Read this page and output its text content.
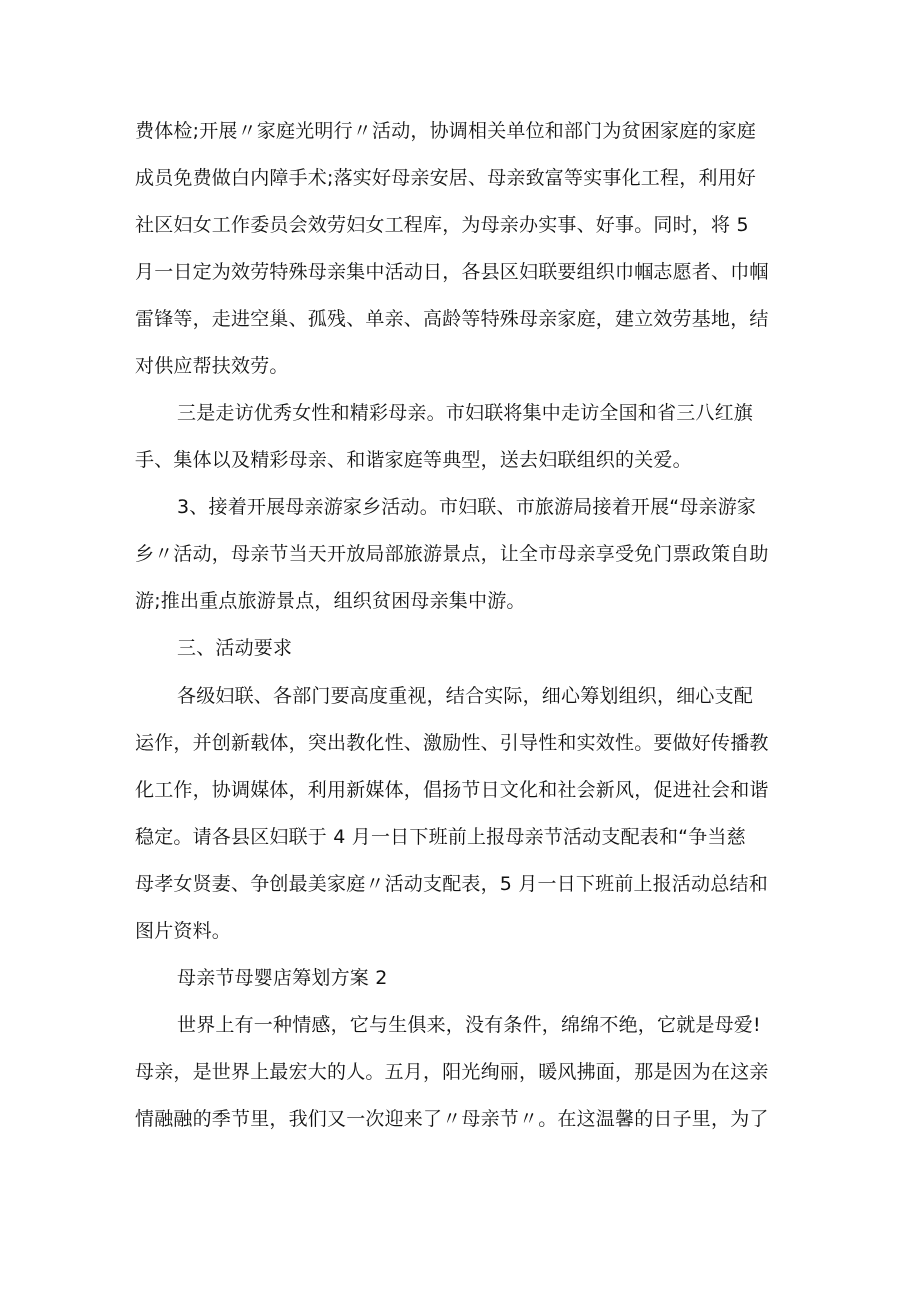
费体检;开展〃家庭光明行〃活动，协调相关单位和部门为贫困家庭的家庭
成员免费做白内障手术;落实好母亲安居、母亲致富等实事化工程，利用好
社区妇女工作委员会效劳妇女工程库，为母亲办实事、好事。同时，将 5
月一日定为效劳特殊母亲集中活动日，各县区妇联要组织巾帼志愿者、巾帼
雷锋等，走进空巢、孤残、单亲、高龄等特殊母亲家庭，建立效劳基地，结
对供应帮扶效劳。
三是走访优秀女性和精彩母亲。市妇联将集中走访全国和省三八红旗
手、集体以及精彩母亲、和谐家庭等典型，送去妇联组织的关爱。
3、接着开展母亲游家乡活动。市妇联、市旅游局接着开展“母亲游家
乡〃活动，母亲节当天开放局部旅游景点，让全市母亲享受免门票政策自助
游;推出重点旅游景点，组织贫困母亲集中游。
三、活动要求
各级妇联、各部门要高度重视，结合实际，细心筹划组织，细心支配
运作，并创新载体，突出教化性、激励性、引导性和实效性。要做好传播教
化工作，协调媒体，利用新媒体，倡扬节日文化和社会新风，促进社会和谐
稳定。请各县区妇联于 4 月一日下班前上报母亲节活动支配表和“争当慈
母孝女贤妻、争创最美家庭〃活动支配表，5 月一日下班前上报活动总结和
图片资料。
母亲节母婴店筹划方案 2
世界上有一种情感，它与生俱来，没有条件，绵绵不绝，它就是母爱!
母亲，是世界上最宏大的人。五月，阳光绚丽，暖风拂面，那是因为在这亲
情融融的季节里，我们又一次迎来了〃母亲节〃。在这温馨的日子里，为了
